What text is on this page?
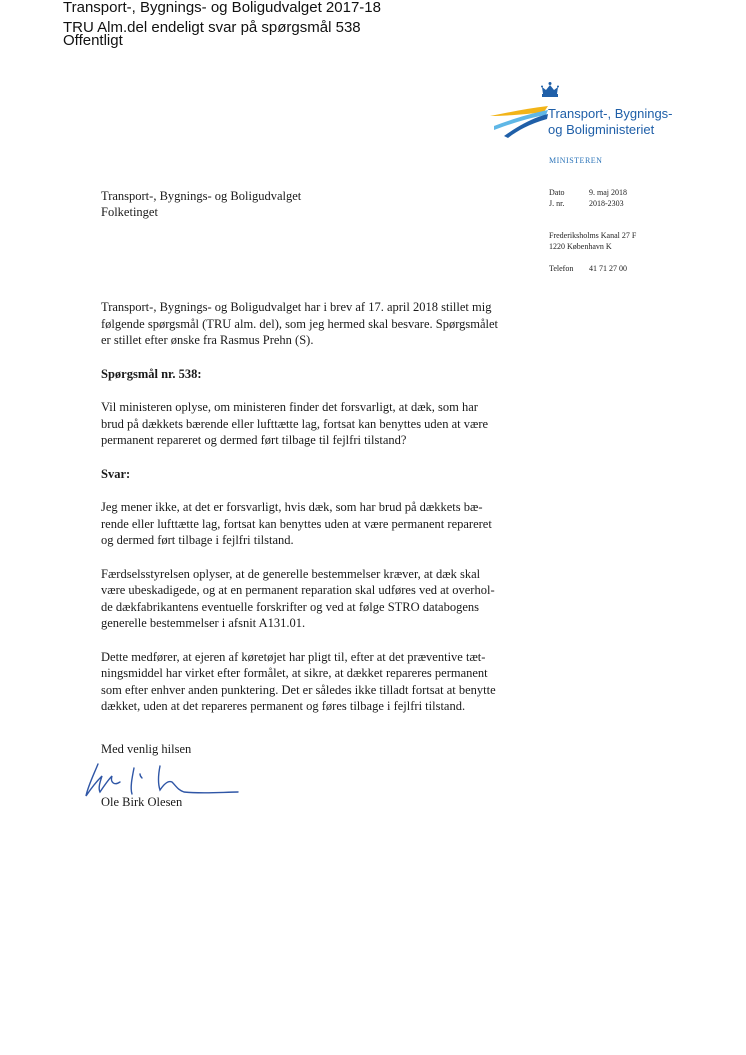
Transport-, Bygnings- og Boligudvalget 2017-18
TRU Alm.del endeligt svar på spørgsmål 538
Offentligt
Transport-, Bygnings-
og Boligministeriet
MINISTEREN
Dato	9. maj 2018
J. nr.	2018-2303
Frederiksholms Kanal 27 F
1220 København K
Telefon 41 71 27 00
Transport-, Bygnings- og Boligudvalget
Folketinget

Transport-, Bygnings- og Boligudvalget har i brev af 17. april 2018 stillet mig
følgende spørgsmål (TRU alm. del), som jeg hermed skal besvare. Spørgsmålet
er stillet efter ønske fra Rasmus Prehn (S).

Spørgsmål nr. 538:

Vil ministeren oplyse, om ministeren finder det forsvarligt, at dæk, som har
brud på dækkets bærende eller lufttætte lag, fortsat kan benyttes uden at være
permanent repareret og dermed ført tilbage til fejlfri tilstand?

Svar:

Jeg mener ikke, at det er forsvarligt, hvis dæk, som har brud på dækkets bæ-
rende eller lufttætte lag, fortsat kan benyttes uden at være permanent repareret
og dermed ført tilbage i fejlfri tilstand.

Færdselsstyrelsen oplyser, at de generelle bestemmelser kræver, at dæk skal
være ubeskadigede, og at en permanent reparation skal udføres ved at overhol-
de dækfabrikantens eventuelle forskrifter og ved at følge STRO databogens
generelle bestemmelser i afsnit A131.01.

Dette medfører, at ejeren af køretøjet har pligt til, efter at det præventive tæt-
ningsmiddel har virket efter formålet, at sikre, at dækket repareres permanent
som efter enhver anden punktering. Det er således ikke tilladt fortsat at benytte
dækket, uden at det repareres permanent og føres tilbage i fejlfri tilstand.

Med venlig hilsen
Ole Birk Olesen
